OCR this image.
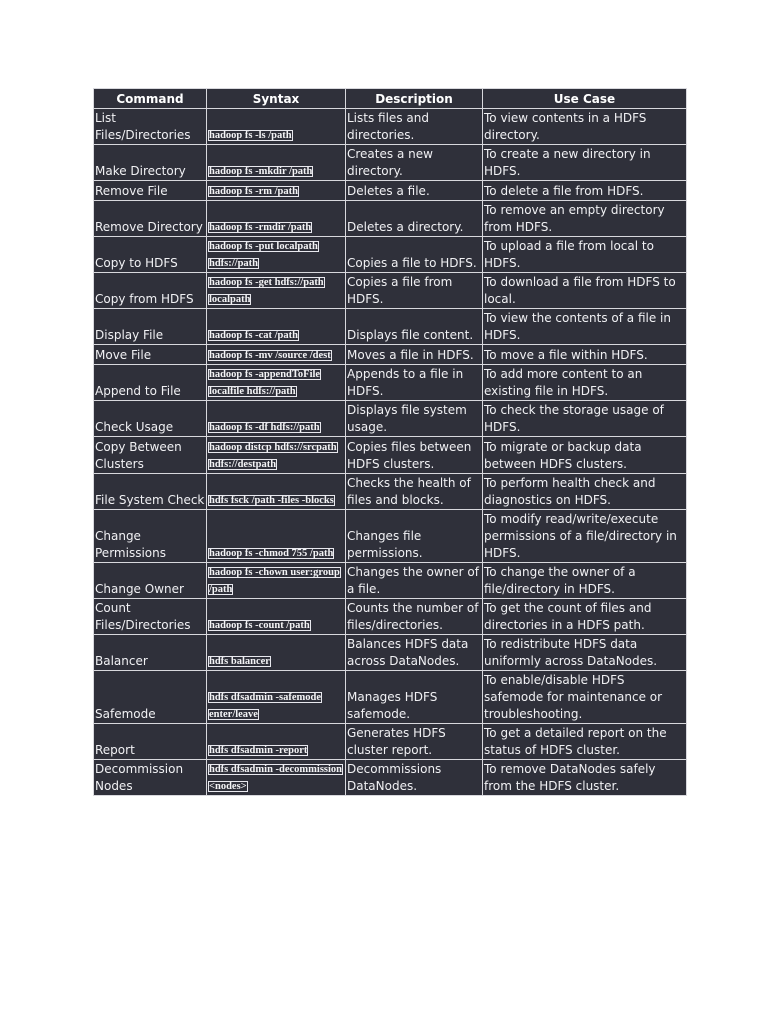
Command	Syntax	Description	Use Case
List Files/Directories	hadoop fs -ls /path	Lists files and directories.	To view contents in a HDFS directory.
Make Directory	hadoop fs -mkdir /path	Creates a new directory.	To create a new directory in HDFS.
Remove File	hadoop fs -rm /path	Deletes a file.	To delete a file from HDFS.
Remove Directory	hadoop fs -rmdir /path	Deletes a directory.	To remove an empty directory from HDFS.
Copy to HDFS	hadoop fs -put localpath hdfs://path	Copies a file to HDFS.	To upload a file from local to HDFS.
Copy from HDFS	hadoop fs -get hdfs://path localpath	Copies a file from HDFS.	To download a file from HDFS to local.
Display File	hadoop fs -cat /path	Displays file content.	To view the contents of a file in HDFS.
Move File	hadoop fs -mv /source /dest	Moves a file in HDFS.	To move a file within HDFS.
Append to File	hadoop fs -appendToFile localfile hdfs://path	Appends to a file in HDFS.	To add more content to an existing file in HDFS.
Check Usage	hadoop fs -df hdfs://path	Displays file system usage.	To check the storage usage of HDFS.
Copy Between Clusters	hadoop distcp hdfs://srcpath hdfs://destpath	Copies files between HDFS clusters.	To migrate or backup data between HDFS clusters.
File System Check	hdfs fsck /path -files -blocks	Checks the health of files and blocks.	To perform health check and diagnostics on HDFS.
Change Permissions	hadoop fs -chmod 755 /path	Changes file permissions.	To modify read/write/execute permissions of a file/directory in HDFS.
Change Owner	hadoop fs -chown user:group /path	Changes the owner of a file.	To change the owner of a file/directory in HDFS.
Count Files/Directories	hadoop fs -count /path	Counts the number of files/directories.	To get the count of files and directories in a HDFS path.
Balancer	hdfs balancer	Balances HDFS data across DataNodes.	To redistribute HDFS data uniformly across DataNodes.
Safemode	hdfs dfsadmin -safemode enter/leave	Manages HDFS safemode.	To enable/disable HDFS safemode for maintenance or troubleshooting.
Report	hdfs dfsadmin -report	Generates HDFS cluster report.	To get a detailed report on the status of HDFS cluster.
Decommission Nodes	hdfs dfsadmin -decommission <nodes>	Decommissions DataNodes.	To remove DataNodes safely from the HDFS cluster.
